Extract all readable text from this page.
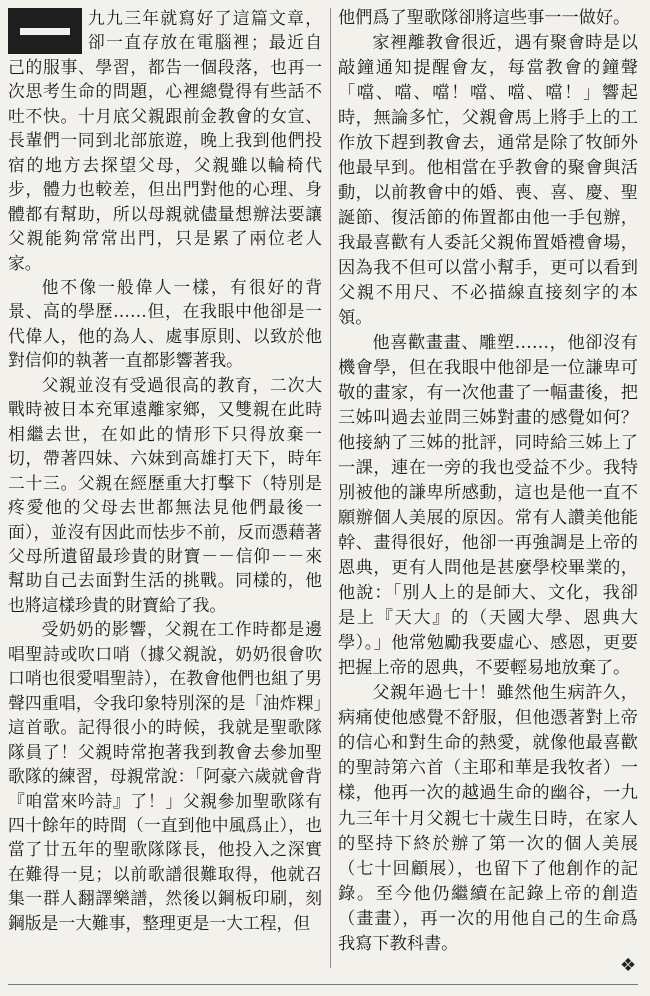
九九三年就寫好了這篇文章，卻一直存放在電腦裡；最近自己的服事、學習，都告一個段落，也再一次思考生命的問題，心裡總覺得有些話不吐不快。十月底父親跟前金教會的女宣、長輩們一同到北部旅遊，晚上我到他們投宿的地方去探望父母，父親雖以輪椅代步，體力也較差，但出門對他的心理、身體都有幫助，所以母親就儘量想辦法要讓父親能夠常常出門，只是累了兩位老人家。

他不像一般偉人一樣，有很好的背景、高的學歷……但，在我眼中他卻是一代偉人，他的為人、處事原則、以致於他對信仰的執著一直都影響著我。

父親並沒有受過很高的教育，二次大戰時被日本充軍遠離家鄉，又雙親在此時相繼去世，在如此的情形下只得放棄一切，帶著四妹、六妹到高雄打天下，時年二十三。父親在經歷重大打擊下（特別是疼愛他的父母去世都無法見他們最後一面），並沒有因此而怯步不前，反而憑藉著父母所遺留最珍貴的財寶－－信仰－－來幫助自己去面對生活的挑戰。同樣的，他也將這樣珍貴的財寶給了我。

受奶奶的影響，父親在工作時都是邊唱聖詩或吹口哨（據父親說，奶奶很會吹口哨也很愛唱聖詩），在教會他們也組了男聲四重唱，令我印象特別深的是「油炸粿」這首歌。記得很小的時候，我就是聖歌隊隊員了！父親時常抱著我到教會去參加聖歌隊的練習，母親常說：「阿豪六歲就會背『咱當來吟詩』了！」父親參加聖歌隊有四十餘年的時間（一直到他中風爲止），也當了廿五年的聖歌隊隊長，他投入之深實在難得一見；以前歌譜很難取得，他就召集一群人翻譯樂譜，然後以鋼板印刷，刻鋼版是一大難事，整理更是一大工程，但

他們爲了聖歌隊卻將這些事一一做好。

家裡離教會很近，遇有聚會時是以敲鐘通知提醒會友，每當教會的鐘聲「噹、噹、噹！噹、噹、噹！」響起時，無論多忙，父親會馬上將手上的工作放下趕到教會去，通常是除了牧師外他最早到。他相當在乎教會的聚會與活動，以前教會中的婚、喪、喜、慶、聖誕節、復活節的佈置都由他一手包辦，我最喜歡有人委託父親佈置婚禮會場，因為我不但可以當小幫手，更可以看到父親不用尺、不必描線直接刻字的本領。

他喜歡畫畫、雕塑……，他卻沒有機會學，但在我眼中他卻是一位謙卑可敬的畫家，有一次他畫了一幅畫後，把三姊叫過去並問三姊對畫的感覺如何？他接納了三姊的批評，同時給三姊上了一課，連在一旁的我也受益不少。我特別被他的謙卑所感動，這也是他一直不願辦個人美展的原因。常有人讚美他能幹、畫得很好，他卻一再強調是上帝的恩典，更有人問他是甚麼學校畢業的，他說：「別人上的是師大、文化，我卻是上『天大』的（天國大學、恩典大學）。」他常勉勵我要虛心、感恩，更要把握上帝的恩典，不要輕易地放棄了。

父親年過七十！雖然他生病許久，病痛使他感覺不舒服，但他憑著對上帝的信心和對生命的熱愛，就像他最喜歡的聖詩第六首（主耶和華是我牧者）一樣，他再一次的越過生命的幽谷，一九九三年十月父親七十歲生日時，在家人的堅持下終於辦了第一次的個人美展（七十回顧展），也留下了他創作的記錄。至今他仍繼續在記錄上帝的創造（畫畫），再一次的用他自己的生命爲我寫下教科書。

❖
